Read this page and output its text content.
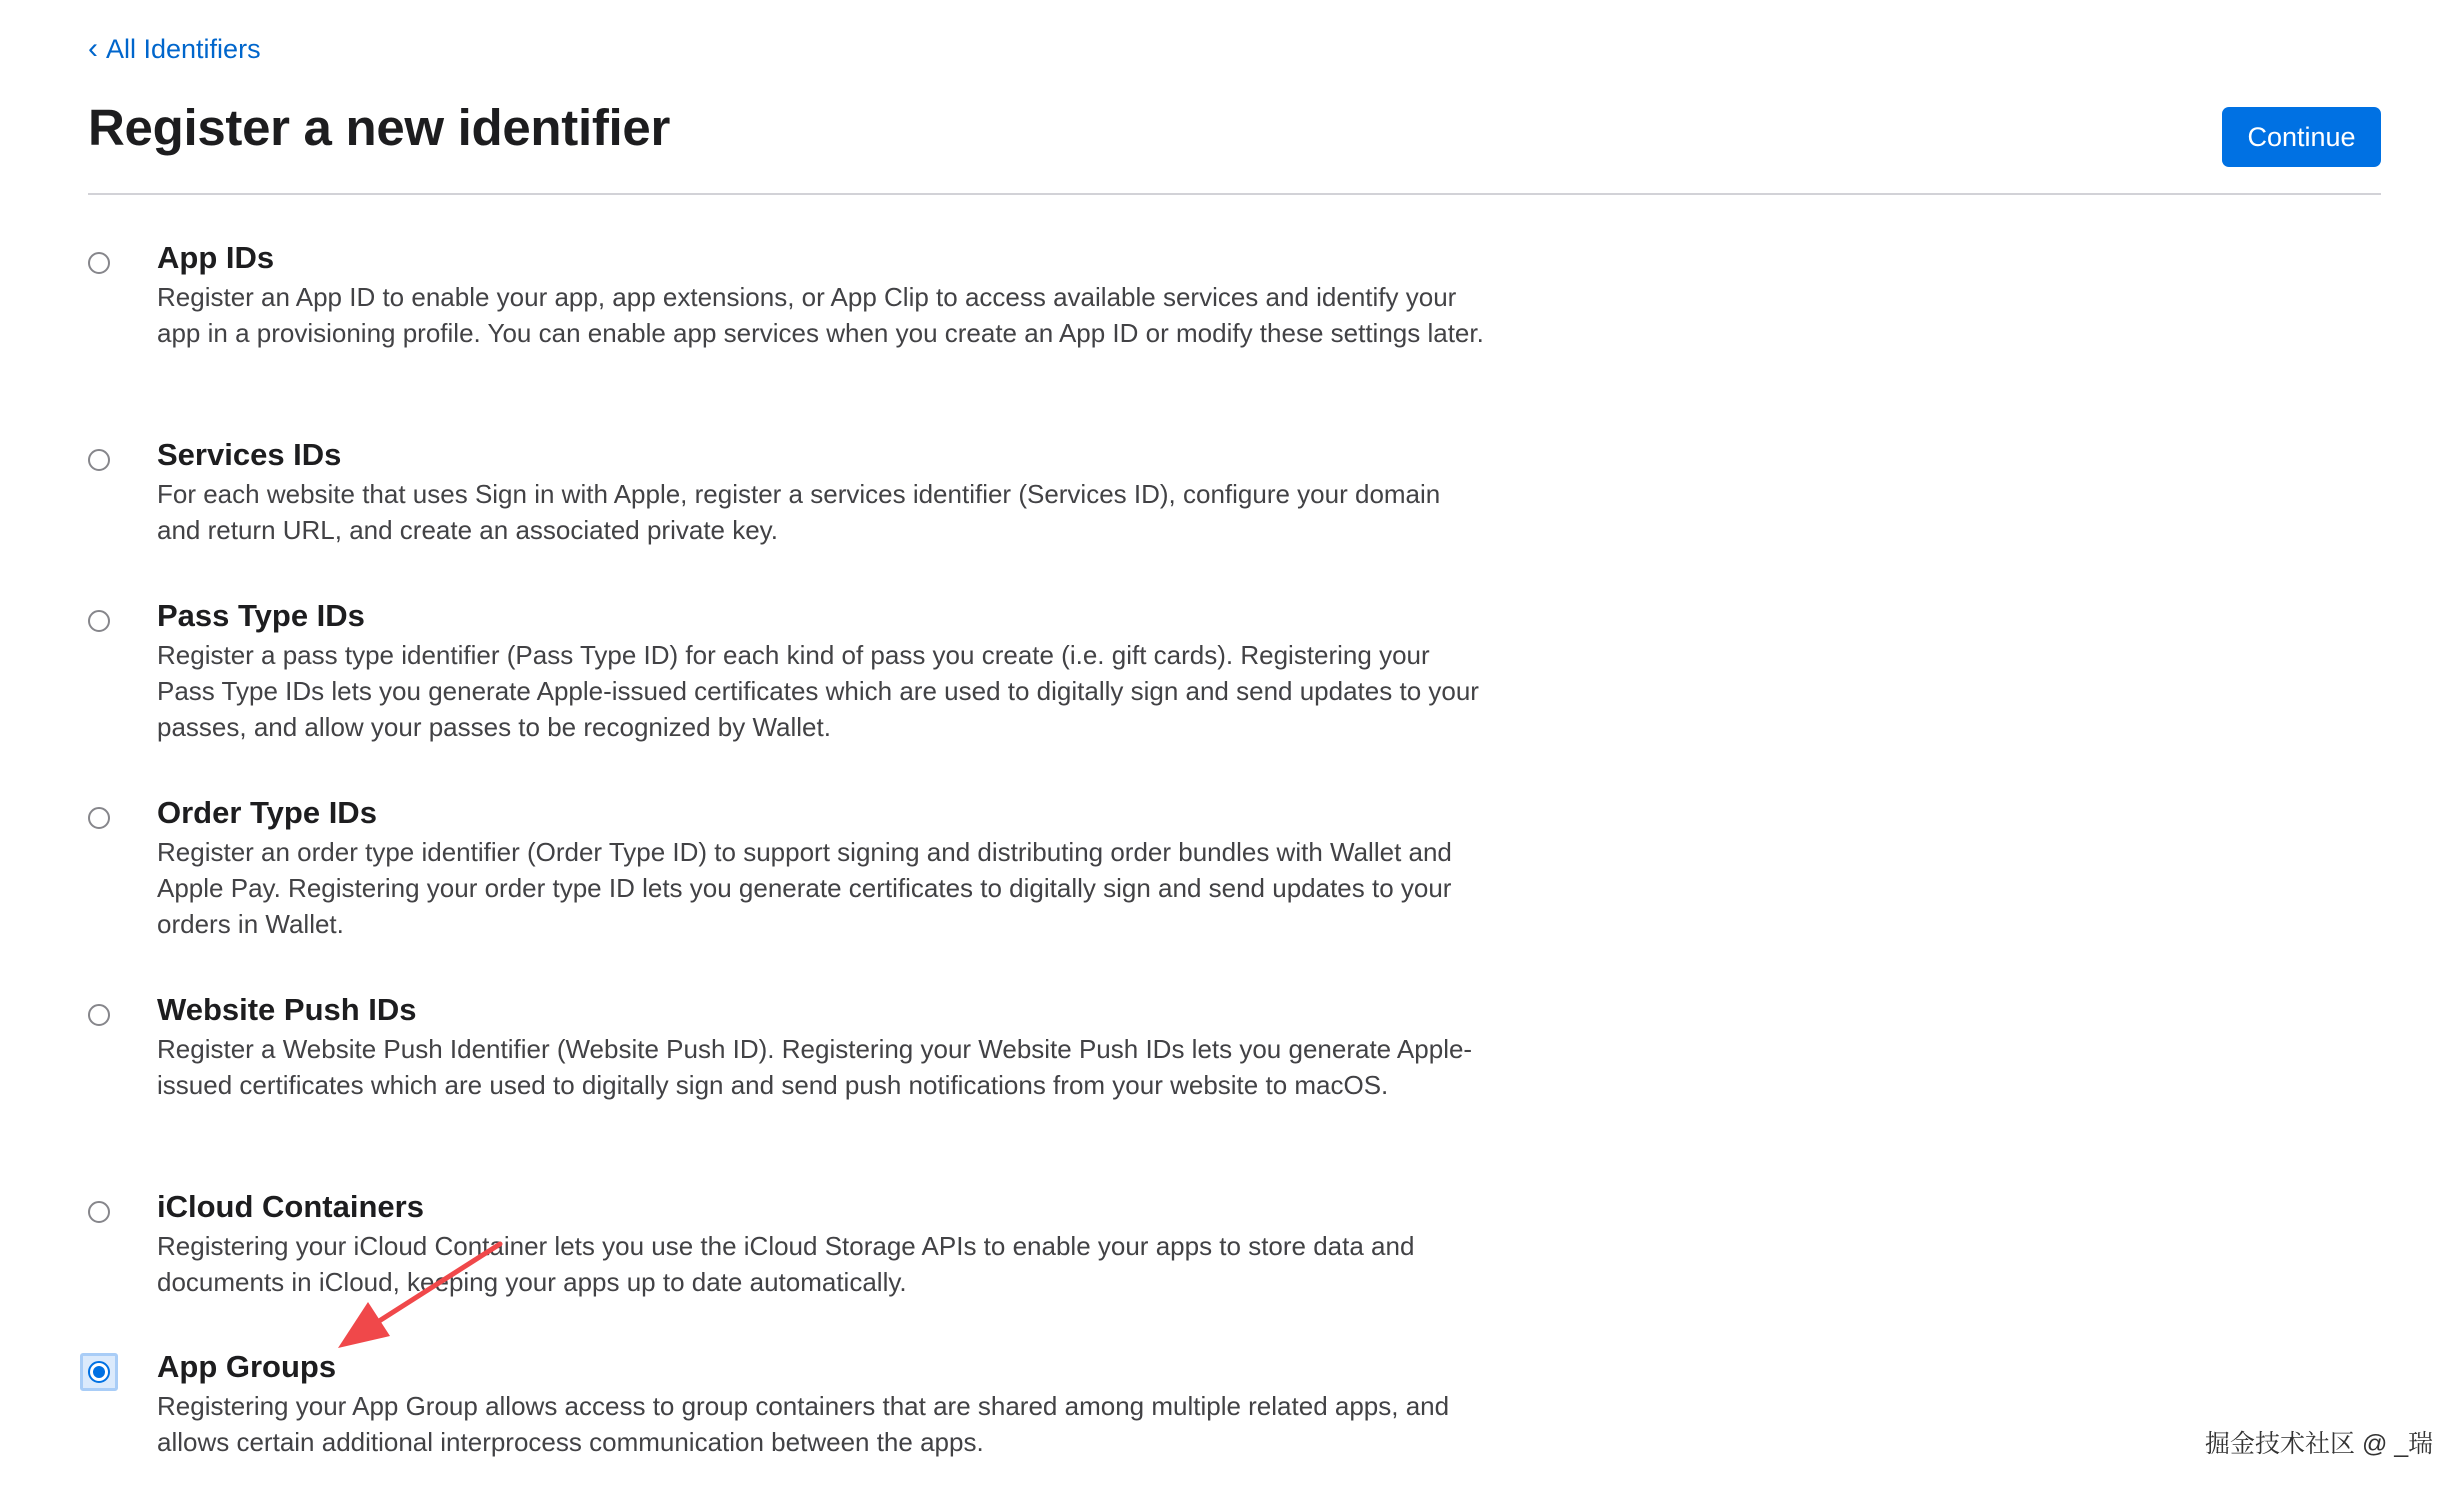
‹ All Identifiers
Register a new identifier	Continue
App IDs

Register an App ID to enable your app, app extensions, or App Clip to access available services and identify your app in a provisioning profile. You can enable app services when you create an App ID or modify these settings later.

Services IDs

For each website that uses Sign in with Apple, register a services identifier (Services ID), configure your domain and return URL, and create an associated private key.

Pass Type IDs

Register a pass type identifier (Pass Type ID) for each kind of pass you create (i.e. gift cards). Registering your Pass Type IDs lets you generate Apple-issued certificates which are used to digitally sign and send updates to your passes, and allow your passes to be recognized by Wallet.

Order Type IDs

Register an order type identifier (Order Type ID) to support signing and distributing order bundles with Wallet and Apple Pay. Registering your order type ID lets you generate certificates to digitally sign and send updates to your orders in Wallet.

Website Push IDs

Register a Website Push Identifier (Website Push ID). Registering your Website Push IDs lets you generate Apple-issued certificates which are used to digitally sign and send push notifications from your website to macOS.

iCloud Containers

Registering your iCloud Container lets you use the iCloud Storage APIs to enable your apps to store data and documents in iCloud, keeping your apps up to date automatically.

App Groups

Registering your App Group allows access to group containers that are shared among multiple related apps, and allows certain additional interprocess communication between the apps.	掘金技术社区 @ _瑞
